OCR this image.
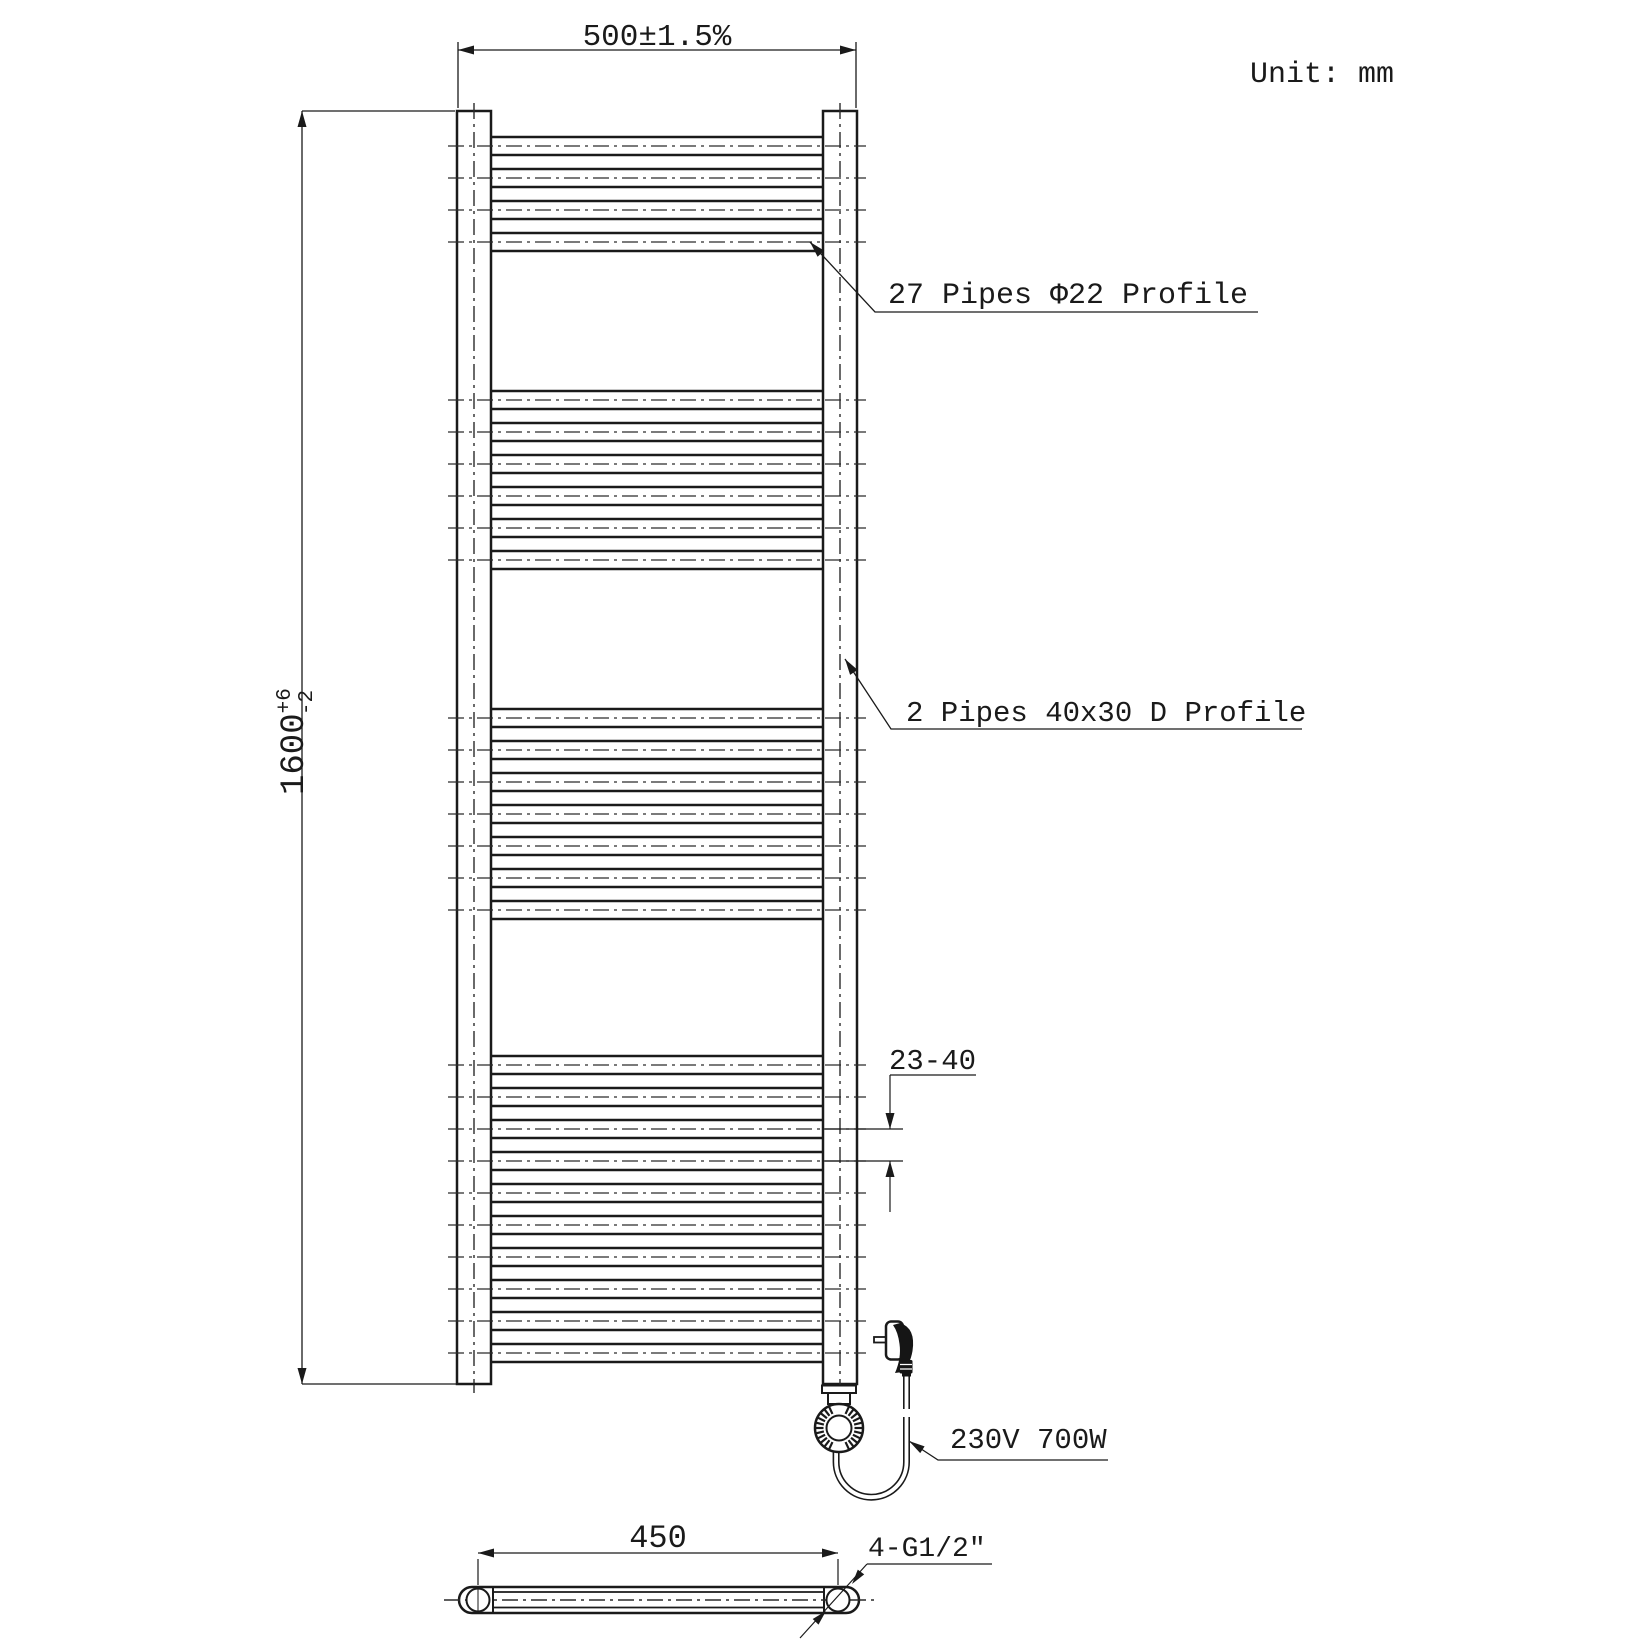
500±1.5%
$1600^{+6}-2$
27 Pipes Φ22 Profile
2 Pipes 40x30 D Profile
23-40
230V 700W
450	4-G1/2″
Unit: mm
